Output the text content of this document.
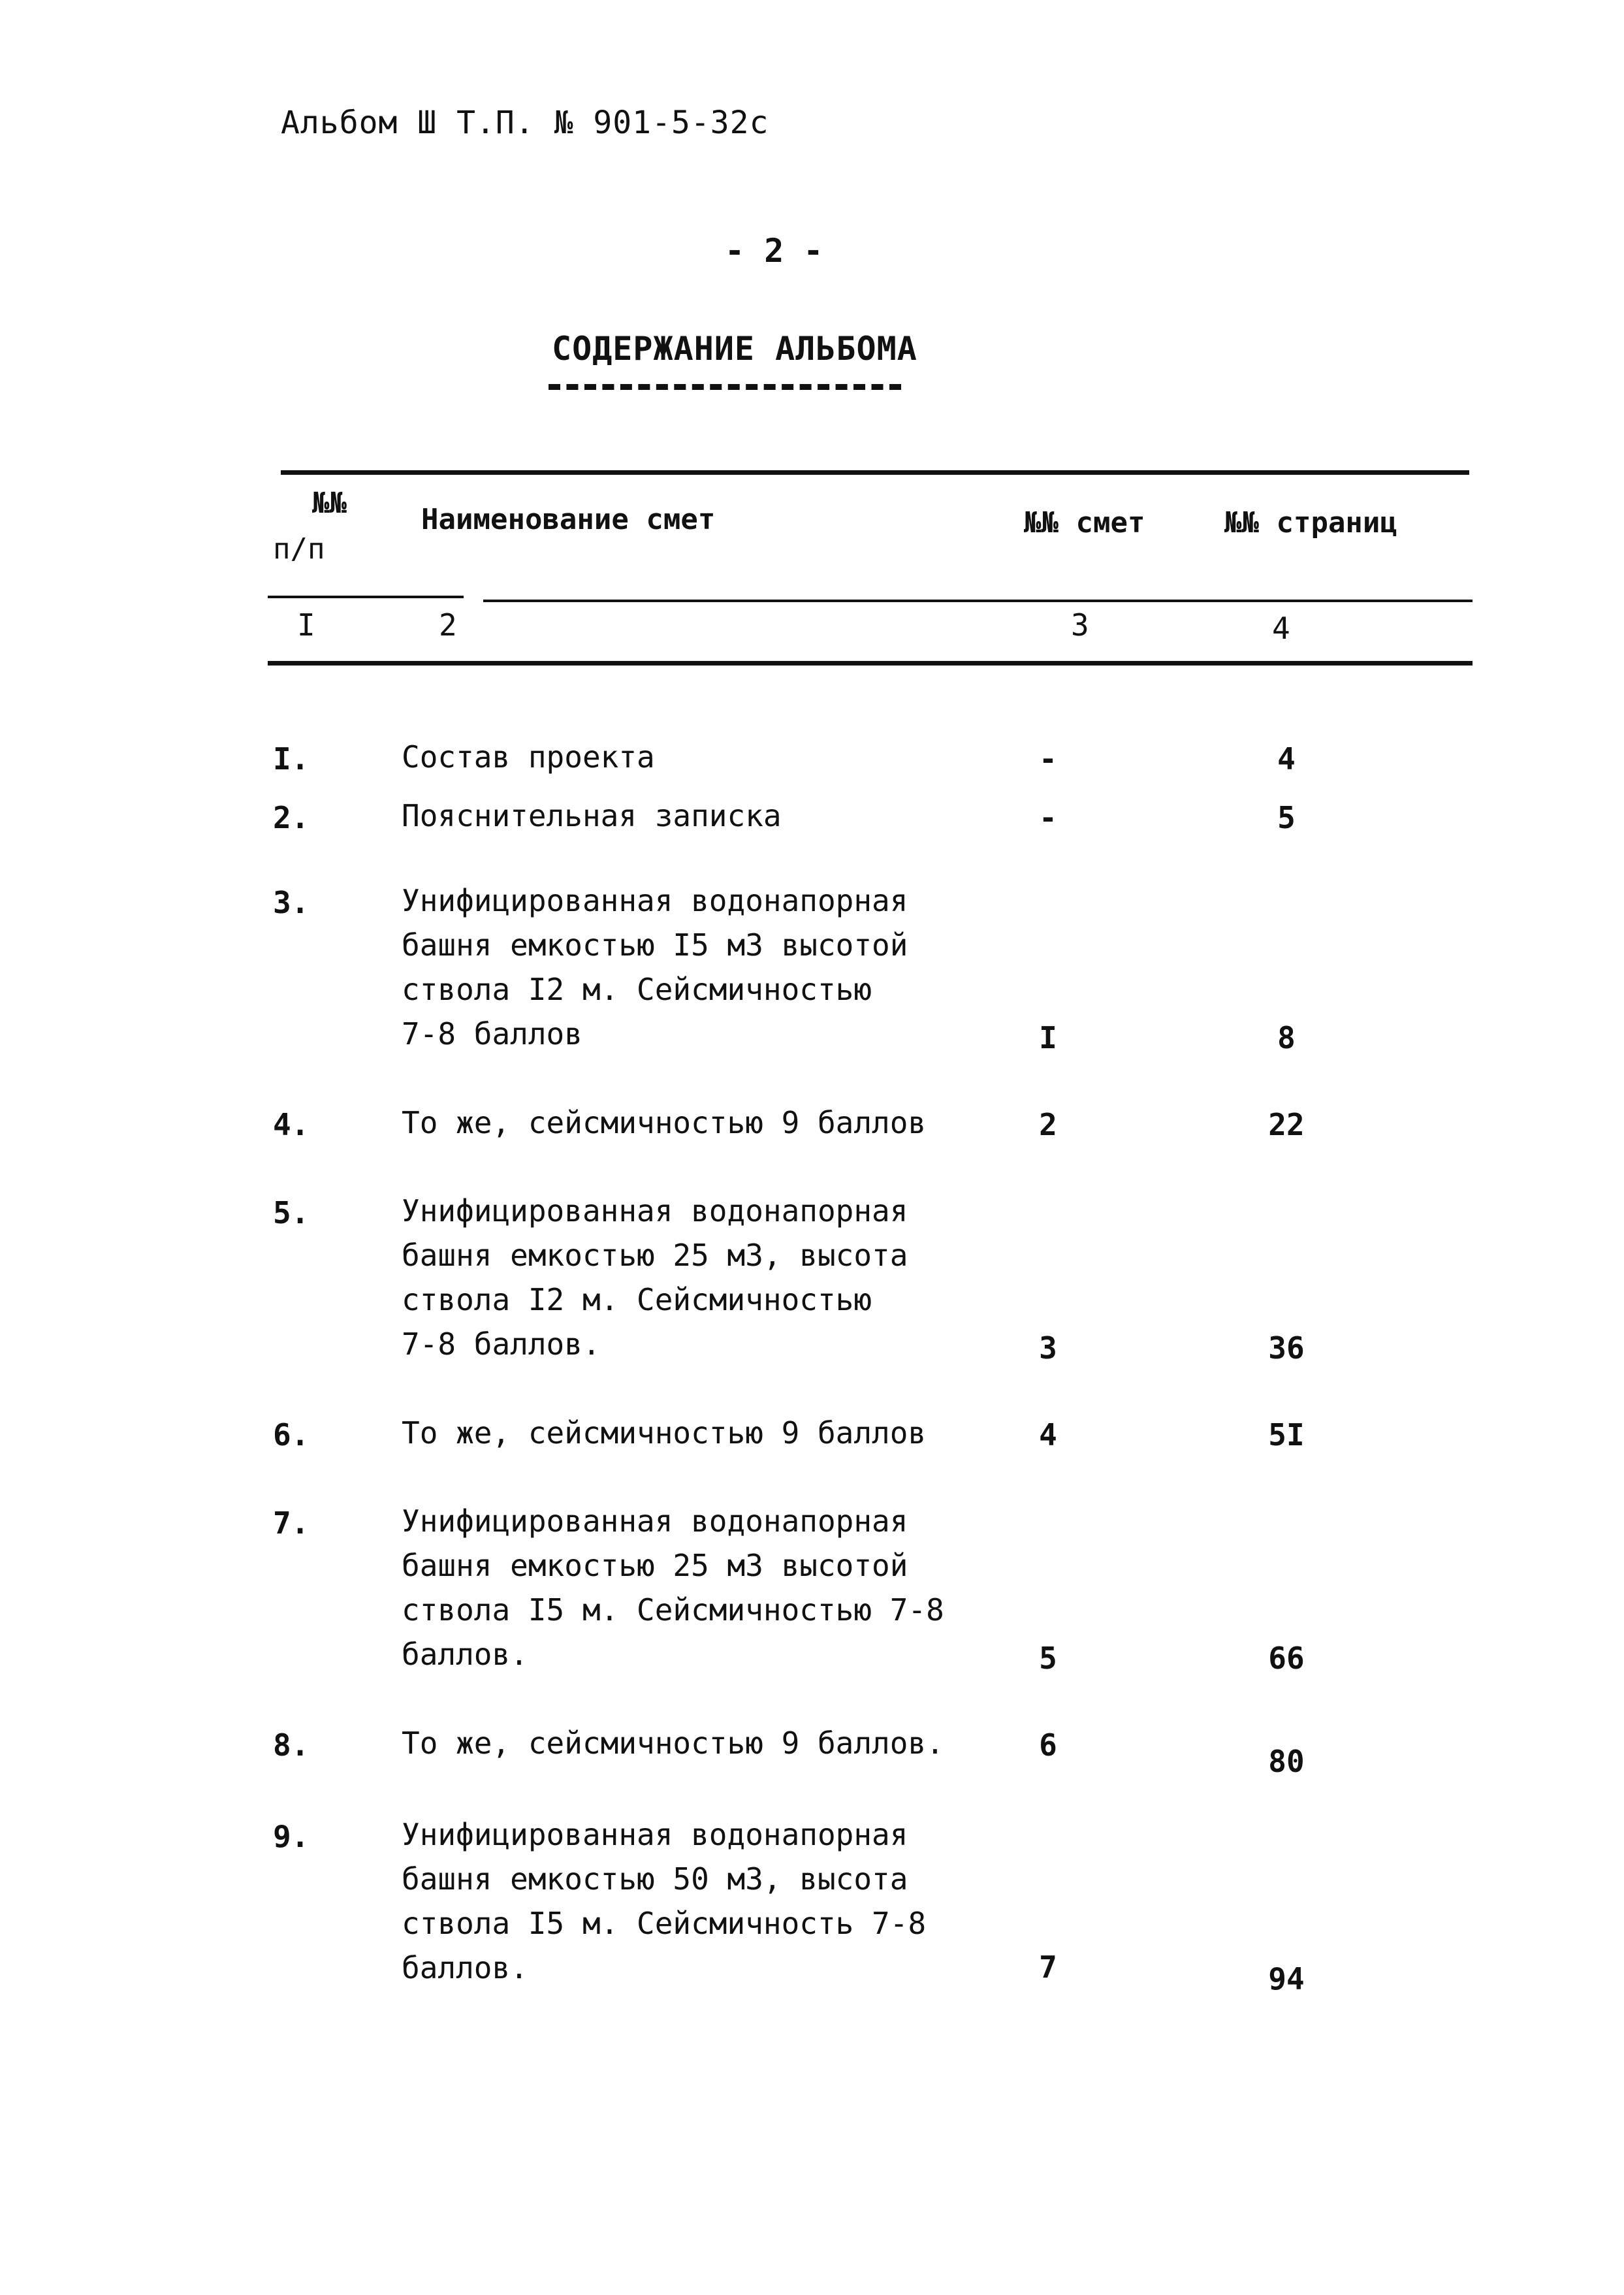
Альбом Ш Т.П. № 901-5-32с
- 2 -
СОДЕРЖАНИЕ АЛЬБОМА
№№
п/п
Наименование смет	№№ смет	№№ страниц
I	2	3	4
I.	Состав проекта	-	4
2.	Пояснительная записка	-	5
3.	Унифицированная водонапорная
башня емкостью I5 м3 высотой
ствола I2 м. Сейсмичностью
7-8 баллов	I	8
4.	То же, сейсмичностью 9 баллов	2	22
5.	Унифицированная водонапорная
башня емкостью 25 м3, высота
ствола I2 м. Сейсмичностью
7-8 баллов.	3	36
6.	То же, сейсмичностью 9 баллов	4	5I
7.	Унифицированная водонапорная
башня емкостью 25 м3 высотой
ствола I5 м. Сейсмичностью 7-8
баллов.	5	66
8.	То же, сейсмичностью 9 баллов.	6	80
9.	Унифицированная водонапорная
башня емкостью 50 м3, высота
ствола I5 м. Сейсмичность 7-8
баллов.	7	94
